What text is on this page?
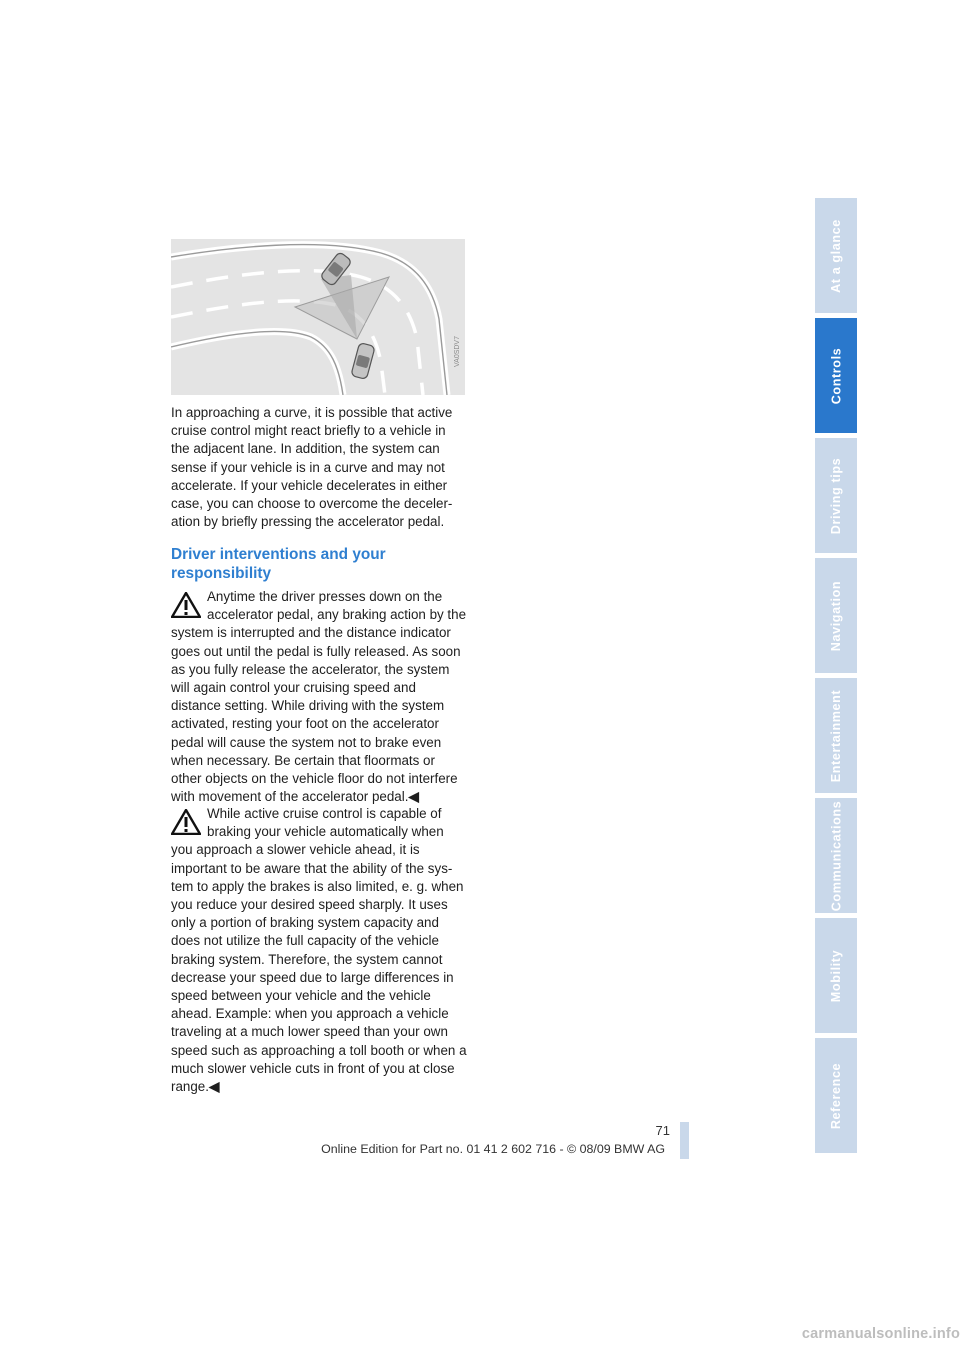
VA0SDV7

In approaching a curve, it is possible that active cruise control might react briefly to a vehicle in the adjacent lane. In addition, the system can sense if your vehicle is in a curve and may not accelerate. If your vehicle decelerates in either case, you can choose to overcome the deceleration by briefly pressing the accelerator pedal.

Driver interventions and your responsibility
Anytime the driver presses down on the accelerator pedal, any braking action by the system is interrupted and the distance indicator goes out until the pedal is fully released. As soon as you fully release the accelerator, the system will again control your cruising speed and distance setting. While driving with the system activated, resting your foot on the accelerator pedal will cause the system not to brake even when necessary. Be certain that floormats or other objects on the vehicle floor do not interfere with movement of the accelerator pedal.◀
While active cruise control is capable of braking your vehicle automatically when you approach a slower vehicle ahead, it is important to be aware that the ability of the system to apply the brakes is also limited, e. g. when you reduce your desired speed sharply. It uses only a portion of braking system capacity and does not utilize the full capacity of the vehicle braking system. Therefore, the system cannot decrease your speed due to large differences in speed between your vehicle and the vehicle ahead. Example: when you approach a vehicle traveling at a much lower speed than your own speed such as approaching a toll booth or when a much slower vehicle cuts in front of you at close range.◀
At a glance
Controls
Driving tips
Navigation
Entertainment
Communications
Mobility
Reference
71
Online Edition for Part no. 01 41 2 602 716 - © 08/09 BMW AG
carmanualsonline.info
